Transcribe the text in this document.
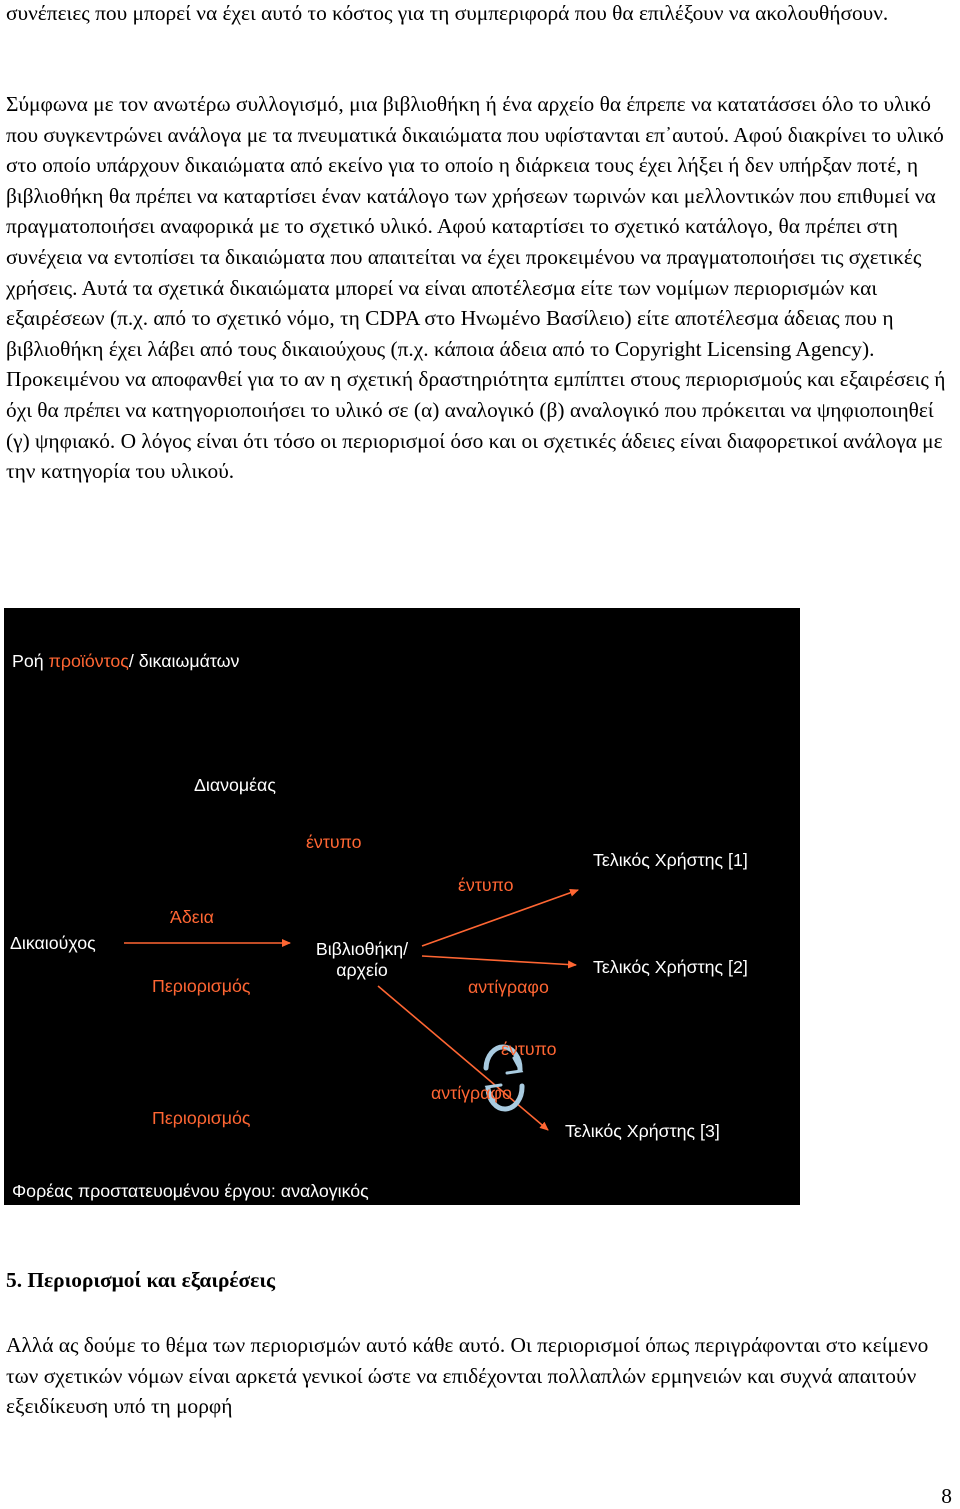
συνέπειες που μπορεί να έχει αυτό το κόστος για τη συμπεριφορά που θα επιλέξουν να ακολουθήσουν.

Σύμφωνα με τον ανωτέρω συλλογισμό, μια βιβλιοθήκη ή ένα αρχείο θα έπρεπε να κατατάσσει όλο το υλικό που συγκεντρώνει ανάλογα με τα πνευματικά δικαιώματα που υφίστανται επ᾽αυτού. Αφού διακρίνει το υλικό στο οποίο υπάρχουν δικαιώματα από εκείνο για το οποίο η διάρκεια τους έχει λήξει ή δεν υπήρξαν ποτέ, η βιβλιοθήκη θα πρέπει να καταρτίσει έναν κατάλογο των χρήσεων τωρινών και μελλοντικών που επιθυμεί να πραγματοποιήσει αναφορικά με το σχετικό υλικό. Αφού καταρτίσει το σχετικό κατάλογο, θα πρέπει στη συνέχεια να εντοπίσει τα δικαιώματα που απαιτείται να έχει προκειμένου να πραγματοποιήσει τις σχετικές χρήσεις. Αυτά τα σχετικά δικαιώματα μπορεί να είναι αποτέλεσμα είτε των νομίμων περιορισμών και εξαιρέσεων (π.χ. από το σχετικό νόμο, τη CDPA στο Ηνωμένο Βασίλειο) είτε αποτέλεσμα άδειας που η βιβλιοθήκη έχει λάβει από τους δικαιούχους (π.χ. κάποια άδεια από το Copyright Licensing Agency). Προκειμένου να αποφανθεί για το αν η σχετική δραστηριότητα εμπίπτει στους περιορισμούς και εξαιρέσεις ή όχι θα πρέπει να κατηγοριοποιήσει το υλικό σε (α) αναλογικό (β) αναλογικό που πρόκειται να ψηφιοποιηθεί (γ) ψηφιακό. Ο λόγος είναι ότι τόσο οι περιορισμοί όσο και οι σχετικές άδειες είναι διαφορετικοί ανάλογα με την κατηγορία του υλικού.

Ροή προϊόντος/ δικαιωμάτων
Διανομέας
έντυπο
Τελικός Χρήστης [1]
έντυπο
Άδεια
Δικαιούχος	Βιβλιοθήκη/
αρχείο	Τελικός Χρήστης [2]
Περιορισμός	αντίγραφο
έντυπο
αντίγραφο
Περιορισμός
Τελικός Χρήστης [3]
Φορέας προστατευομένου έργου: αναλογικός
5. Περιορισμοί και εξαιρέσεις

Αλλά ας δούμε το θέμα των περιορισμών αυτό κάθε αυτό. Οι περιορισμοί όπως περιγράφονται στο κείμενο των σχετικών νόμων είναι αρκετά γενικοί ώστε να επιδέχονται πολλαπλών ερμηνειών και συχνά απαιτούν εξειδίκευση υπό τη μορφή

8
